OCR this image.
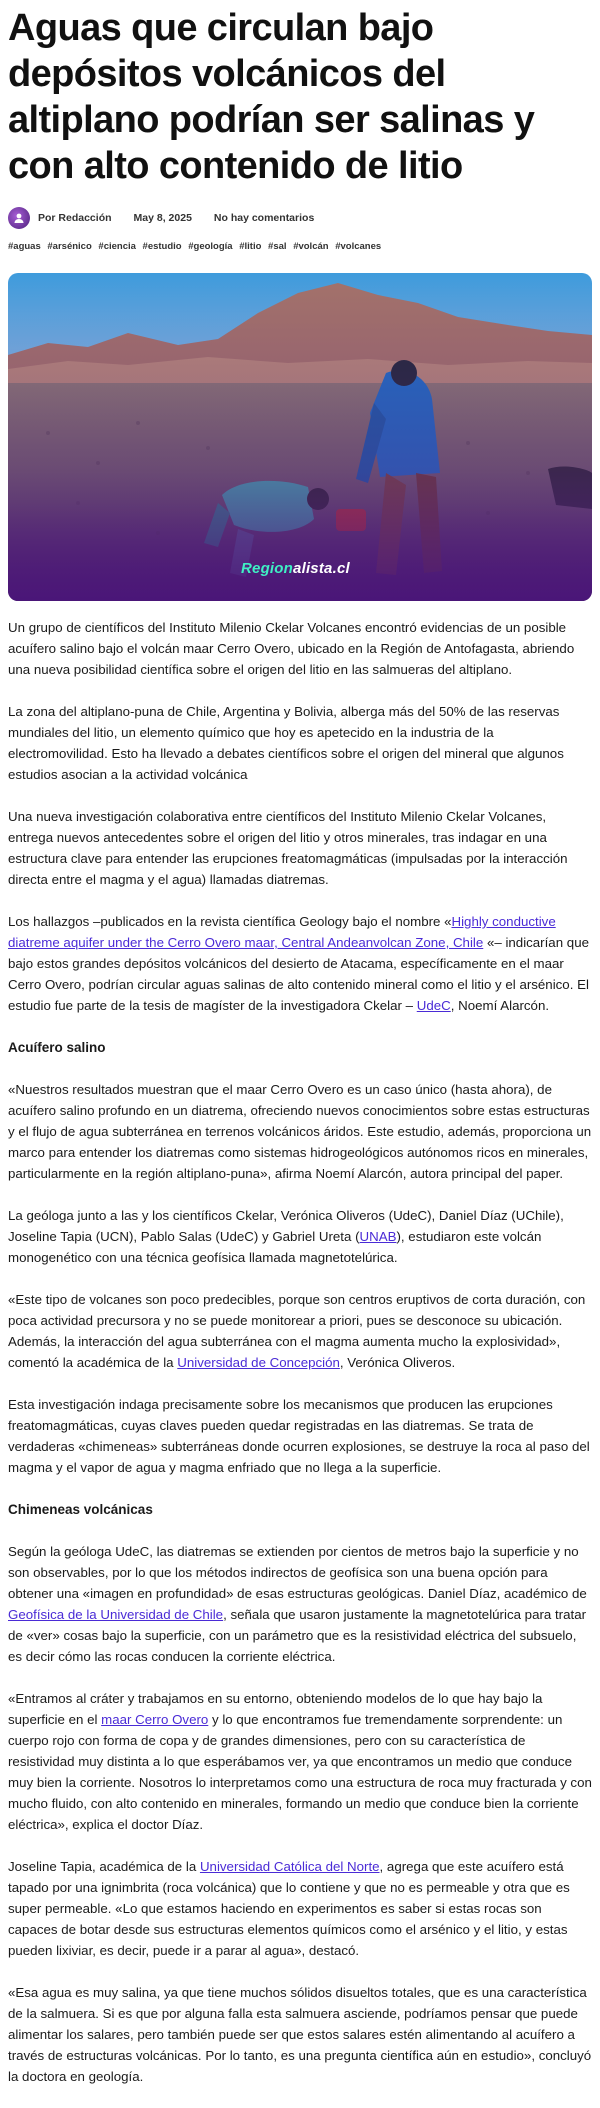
Aguas que circulan bajo depósitos volcánicos del altiplano podrían ser salinas y con alto contenido de litio
Por Redacción May 8, 2025 No hay comentarios
#aguas #arsénico #ciencia #estudio #geología #litio #sal #volcán #volcanes
Regionalista.cl

Un grupo de científicos del Instituto Milenio Ckelar Volcanes encontró evidencias de un posible acuífero salino bajo el volcán maar Cerro Overo, ubicado en la Región de Antofagasta, abriendo una nueva posibilidad científica sobre el origen del litio en las salmueras del altiplano.

La zona del altiplano-puna de Chile, Argentina y Bolivia, alberga más del 50% de las reservas mundiales del litio, un elemento químico que hoy es apetecido en la industria de la electromovilidad. Esto ha llevado a debates científicos sobre el origen del mineral que algunos estudios asocian a la actividad volcánica

Una nueva investigación colaborativa entre científicos del Instituto Milenio Ckelar Volcanes, entrega nuevos antecedentes sobre el origen del litio y otros minerales, tras indagar en una estructura clave para entender las erupciones freatomagmáticas (impulsadas por la interacción directa entre el magma y el agua) llamadas diatremas.

Los hallazgos –publicados en la revista científica Geology bajo el nombre «Highly conductive diatreme aquifer under the Cerro Overo maar, Central Andeanvolcan Zone, Chile «– indicarían que bajo estos grandes depósitos volcánicos del desierto de Atacama, específicamente en el maar Cerro Overo, podrían circular aguas salinas de alto contenido mineral como el litio y el arsénico. El estudio fue parte de la tesis de magíster de la investigadora Ckelar – UdeC, Noemí Alarcón.

Acuífero salino

«Nuestros resultados muestran que el maar Cerro Overo es un caso único (hasta ahora), de acuífero salino profundo en un diatrema, ofreciendo nuevos conocimientos sobre estas estructuras y el flujo de agua subterránea en terrenos volcánicos áridos. Este estudio, además, proporciona un marco para entender los diatremas como sistemas hidrogeológicos autónomos ricos en minerales, particularmente en la región altiplano-puna», afirma Noemí Alarcón, autora principal del paper.

La geóloga junto a las y los científicos Ckelar, Verónica Oliveros (UdeC), Daniel Díaz (UChile), Joseline Tapia (UCN), Pablo Salas (UdeC) y Gabriel Ureta (UNAB), estudiaron este volcán monogenético con una técnica geofísica llamada magnetotelúrica.

«Este tipo de volcanes son poco predecibles, porque son centros eruptivos de corta duración, con poca actividad precursora y no se puede monitorear a priori, pues se desconoce su ubicación. Además, la interacción del agua subterránea con el magma aumenta mucho la explosividad», comentó la académica de la Universidad de Concepción, Verónica Oliveros.

Esta investigación indaga precisamente sobre los mecanismos que producen las erupciones freatomagmáticas, cuyas claves pueden quedar registradas en las diatremas. Se trata de verdaderas «chimeneas» subterráneas donde ocurren explosiones, se destruye la roca al paso del magma y el vapor de agua y magma enfriado que no llega a la superficie.

Chimeneas volcánicas

Según la geóloga UdeC, las diatremas se extienden por cientos de metros bajo la superficie y no son observables, por lo que los métodos indirectos de geofísica son una buena opción para obtener una «imagen en profundidad» de esas estructuras geológicas. Daniel Díaz, académico de Geofísica de la Universidad de Chile, señala que usaron justamente la magnetotelúrica para tratar de «ver» cosas bajo la superficie, con un parámetro que es la resistividad eléctrica del subsuelo, es decir cómo las rocas conducen la corriente eléctrica.

«Entramos al cráter y trabajamos en su entorno, obteniendo modelos de lo que hay bajo la superficie en el maar Cerro Overo y lo que encontramos fue tremendamente sorprendente: un cuerpo rojo con forma de copa y de grandes dimensiones, pero con su característica de resistividad muy distinta a lo que esperábamos ver, ya que encontramos un medio que conduce muy bien la corriente. Nosotros lo interpretamos como una estructura de roca muy fracturada y con mucho fluido, con alto contenido en minerales, formando un medio que conduce bien la corriente eléctrica», explica el doctor Díaz.

Joseline Tapia, académica de la Universidad Católica del Norte, agrega que este acuífero está tapado por una ignimbrita (roca volcánica) que lo contiene y que no es permeable y otra que es super permeable. «Lo que estamos haciendo en experimentos es saber si estas rocas son capaces de botar desde sus estructuras elementos químicos como el arsénico y el litio, y estas pueden lixiviar, es decir, puede ir a parar al agua», destacó.

«Esa agua es muy salina, ya que tiene muchos sólidos disueltos totales, que es una característica de la salmuera. Si es que por alguna falla esta salmuera asciende, podríamos pensar que puede alimentar los salares, pero también puede ser que estos salares estén alimentando al acuífero a través de estructuras volcánicas. Por lo tanto, es una pregunta científica aún en estudio», concluyó la doctora en geología.
